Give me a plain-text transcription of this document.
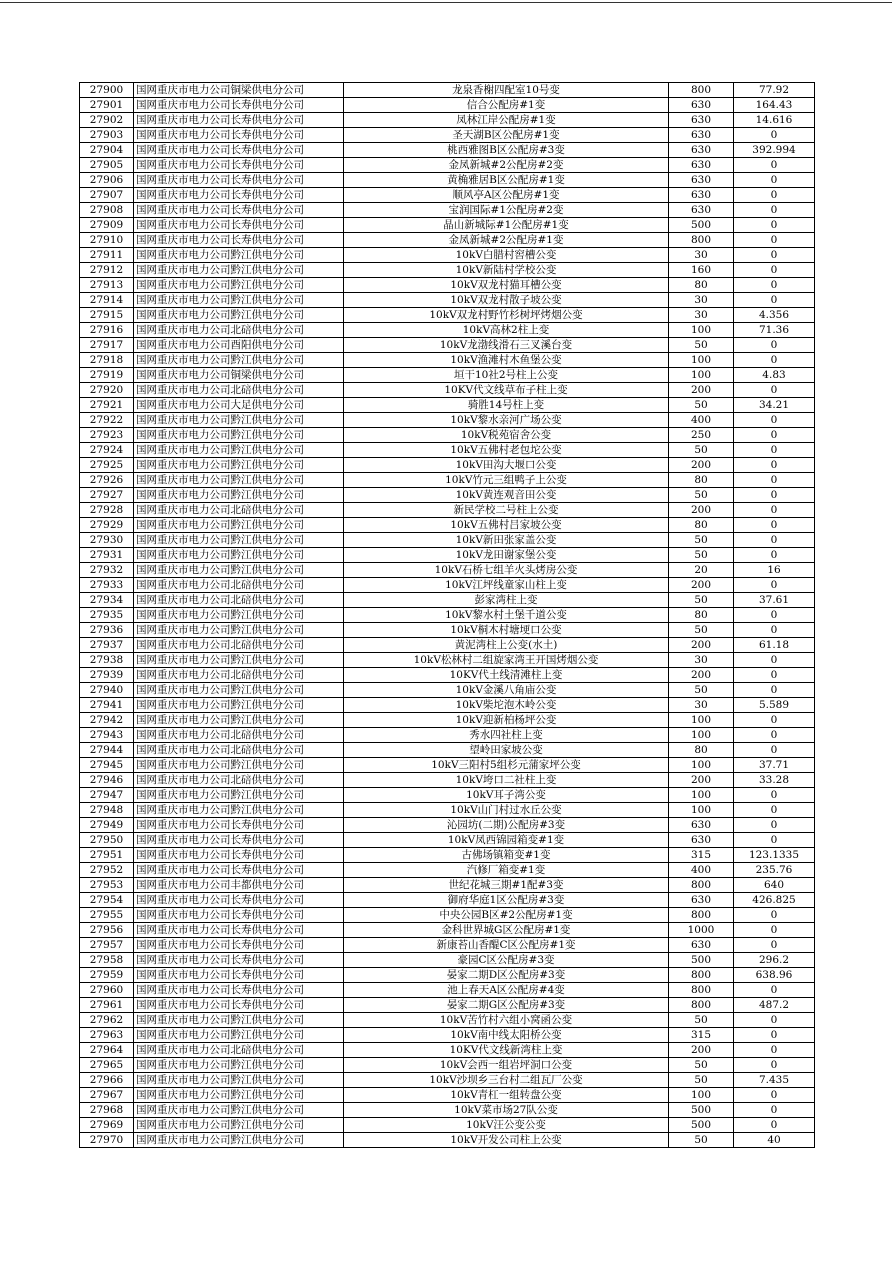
27900	国网重庆市电力公司铜梁供电分公司	龙泉香榭四配室10号变	800	77.92
27901	国网重庆市电力公司长寿供电分公司	信合公配房#1变	630	164.43
27902	国网重庆市电力公司长寿供电分公司	凤林江岸公配房#1变	630	14.616
27903	国网重庆市电力公司长寿供电分公司	圣天湖B区公配房#1变	630	0
27904	国网重庆市电力公司长寿供电分公司	桃西雅图B区公配房#3变	630	392.994
27905	国网重庆市电力公司长寿供电分公司	金凤新城#2公配房#2变	630	0
27906	国网重庆市电力公司长寿供电分公司	黄桷雅居B区公配房#1变	630	0
27907	国网重庆市电力公司长寿供电分公司	顺风亭A区公配房#1变	630	0
27908	国网重庆市电力公司长寿供电分公司	宝润国际#1公配房#2变	630	0
27909	国网重庆市电力公司长寿供电分公司	晶山新城际#1公配房#1变	500	0
27910	国网重庆市电力公司长寿供电分公司	金凤新城#2公配房#1变	800	0
27911	国网重庆市电力公司黔江供电分公司	10kV白腊村窖槽公变	30	0
27912	国网重庆市电力公司黔江供电分公司	10kV新陆村学校公变	160	0
27913	国网重庆市电力公司黔江供电分公司	10kV双龙村猫耳槽公变	80	0
27914	国网重庆市电力公司黔江供电分公司	10kV双龙村散子坡公变	30	0
27915	国网重庆市电力公司黔江供电分公司	10kV双龙村野竹杉树坪烤烟公变	30	4.356
27916	国网重庆市电力公司北碚供电分公司	10kV高林2柱上变	100	71.36
27917	国网重庆市电力公司酉阳供电分公司	10kV龙渤线滑石三叉溪台变	50	0
27918	国网重庆市电力公司黔江供电分公司	10kV渔滩村木鱼堡公变	100	0
27919	国网重庆市电力公司铜梁供电分公司	垣干10社2号柱上公变	100	4.83
27920	国网重庆市电力公司北碚供电分公司	10KV代文线草布子柱上变	200	0
27921	国网重庆市电力公司大足供电分公司	骑胜14号柱上变	50	34.21
27922	国网重庆市电力公司黔江供电分公司	10kV黎水亲河广场公变	400	0
27923	国网重庆市电力公司黔江供电分公司	10kV税苑宿舍公变	250	0
27924	国网重庆市电力公司黔江供电分公司	10kV五佛村老包坨公变	50	0
27925	国网重庆市电力公司黔江供电分公司	10kV田沟大堰口公变	200	0
27926	国网重庆市电力公司黔江供电分公司	10kV竹元三组鸭子上公变	80	0
27927	国网重庆市电力公司黔江供电分公司	10kV黄连观音田公变	50	0
27928	国网重庆市电力公司北碚供电分公司	新民学校二号柱上公变	200	0
27929	国网重庆市电力公司黔江供电分公司	10kV五佛村吕家坡公变	80	0
27930	国网重庆市电力公司黔江供电分公司	10kV新田张家盖公变	50	0
27931	国网重庆市电力公司黔江供电分公司	10kV龙田谢家堡公变	50	0
27932	国网重庆市电力公司黔江供电分公司	10kV石桥七组羊火头烤房公变	20	16
27933	国网重庆市电力公司北碚供电分公司	10kV江坪线童家山柱上变	200	0
27934	国网重庆市电力公司北碚供电分公司	彭家湾柱上变	50	37.61
27935	国网重庆市电力公司黔江供电分公司	10kV黎水村土堡千道公变	80	0
27936	国网重庆市电力公司黔江供电分公司	10kV桐木村塘埂口公变	50	0
27937	国网重庆市电力公司北碚供电分公司	黄泥湾柱上公变(水土)	200	61.18
27938	国网重庆市电力公司黔江供电分公司	10kV松林村二组旋家湾王开国烤烟公变	30	0
27939	国网重庆市电力公司北碚供电分公司	10KV代土线清滩柱上变	200	0
27940	国网重庆市电力公司黔江供电分公司	10kV金溪八角庙公变	50	0
27941	国网重庆市电力公司黔江供电分公司	10kV柴坨泡木岭公变	30	5.589
27942	国网重庆市电力公司黔江供电分公司	10kV迎新柏杨坪公变	100	0
27943	国网重庆市电力公司北碚供电分公司	秀水四社柱上变	100	0
27944	国网重庆市电力公司北碚供电分公司	望岭田家坡公变	80	0
27945	国网重庆市电力公司黔江供电分公司	10kV三阳村5组杉元蒲家坪公变	100	37.71
27946	国网重庆市电力公司北碚供电分公司	10kV垮口二社柱上变	200	33.28
27947	国网重庆市电力公司黔江供电分公司	10kV耳子湾公变	100	0
27948	国网重庆市电力公司黔江供电分公司	10kV山门村过水丘公变	100	0
27949	国网重庆市电力公司长寿供电分公司	沁园坊(二期)公配房#3变	630	0
27950	国网重庆市电力公司长寿供电分公司	10kV凤西锦园箱变#1变	630	0
27951	国网重庆市电力公司长寿供电分公司	古佛场镇箱变#1变	315	123.1335
27952	国网重庆市电力公司长寿供电分公司	汽修厂箱变#1变	400	235.76
27953	国网重庆市电力公司丰都供电分公司	世纪花城三期#1配#3变	800	640
27954	国网重庆市电力公司长寿供电分公司	御府华庭1区公配房#3变	630	426.825
27955	国网重庆市电力公司长寿供电分公司	中央公园B区#2公配房#1变	800	0
27956	国网重庆市电力公司长寿供电分公司	金科世界城G区公配房#1变	1000	0
27957	国网重庆市电力公司长寿供电分公司	新康苔山香醍C区公配房#1变	630	0
27958	国网重庆市电力公司长寿供电分公司	豪园C区公配房#3变	500	296.2
27959	国网重庆市电力公司长寿供电分公司	晏家二期D区公配房#3变	800	638.96
27960	国网重庆市电力公司长寿供电分公司	池上春天A区公配房#4变	800	0
27961	国网重庆市电力公司长寿供电分公司	晏家二期G区公配房#3变	800	487.2
27962	国网重庆市电力公司黔江供电分公司	10kV苦竹村六组小窝函公变	50	0
27963	国网重庆市电力公司黔江供电分公司	10kV南中线太阳桥公变	315	0
27964	国网重庆市电力公司北碚供电分公司	10KV代文线新湾柱上变	200	0
27965	国网重庆市电力公司黔江供电分公司	10kV会西一组岩坪洞口公变	50	0
27966	国网重庆市电力公司黔江供电分公司	10kV沙坝乡三台村二组瓦厂公变	50	7.435
27967	国网重庆市电力公司黔江供电分公司	10kV青杠一组转盘公变	100	0
27968	国网重庆市电力公司黔江供电分公司	10kV菜市场27队公变	500	0
27969	国网重庆市电力公司黔江供电分公司	10kV汪公变公变	500	0
27970	国网重庆市电力公司黔江供电分公司	10kV开发公司柱上公变	50	40
